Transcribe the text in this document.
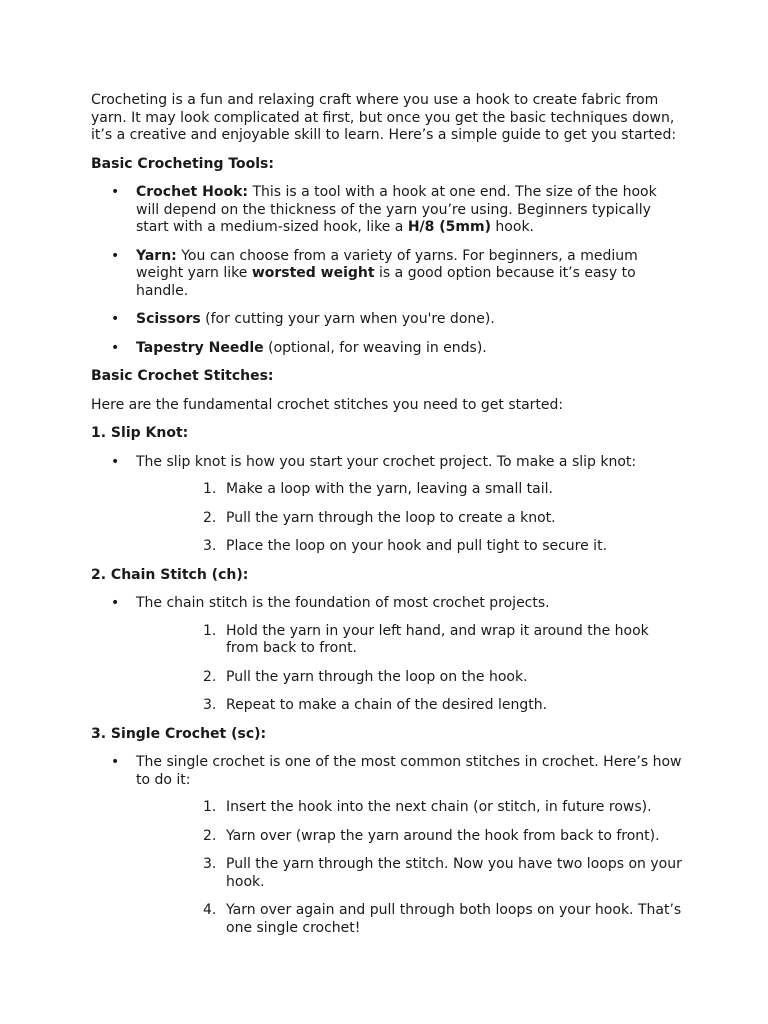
Crocheting is a fun and relaxing craft where you use a hook to create fabric from yarn. It may look complicated at first, but once you get the basic techniques down, it’s a creative and enjoyable skill to learn. Here’s a simple guide to get you started:

Basic Crocheting Tools:

• Crochet Hook: This is a tool with a hook at one end. The size of the hook will depend on the thickness of the yarn you’re using. Beginners typically start with a medium-sized hook, like a H/8 (5mm) hook.
• Yarn: You can choose from a variety of yarns. For beginners, a medium weight yarn like worsted weight is a good option because it’s easy to handle.
• Scissors (for cutting your yarn when you're done).
• Tapestry Needle (optional, for weaving in ends).

Basic Crochet Stitches:

Here are the fundamental crochet stitches you need to get started:

1. Slip Knot:

• The slip knot is how you start your crochet project. To make a slip knot:
1. Make a loop with the yarn, leaving a small tail.
2. Pull the yarn through the loop to create a knot.
3. Place the loop on your hook and pull tight to secure it.

2. Chain Stitch (ch):

• The chain stitch is the foundation of most crochet projects.
1. Hold the yarn in your left hand, and wrap it around the hook from back to front.
2. Pull the yarn through the loop on the hook.
3. Repeat to make a chain of the desired length.

3. Single Crochet (sc):

• The single crochet is one of the most common stitches in crochet. Here’s how to do it:
1. Insert the hook into the next chain (or stitch, in future rows).
2. Yarn over (wrap the yarn around the hook from back to front).
3. Pull the yarn through the stitch. Now you have two loops on your hook.
4. Yarn over again and pull through both loops on your hook. That’s one single crochet!
